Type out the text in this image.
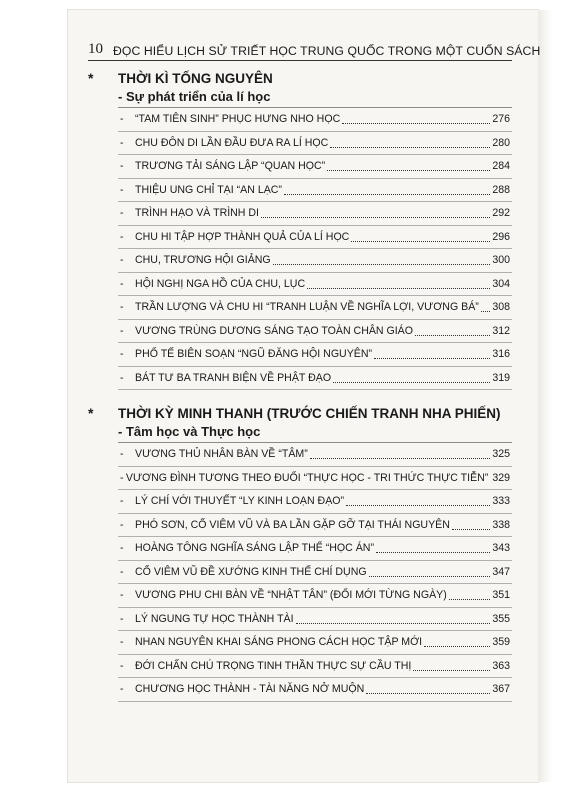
10 ĐỌC HIỂU LỊCH SỬ TRIẾT HỌC TRUNG QUỐC TRONG MỘT CUỐN SÁCH
*	THỜI KÌ TỐNG NGUYÊN
- Sự phát triển của lí học
-	“TAM TIÊN SINH” PHỤC HƯNG NHO HỌC	276
-	CHU ĐÔN DI LẦN ĐẦU ĐƯA RA LÍ HỌC	280
-	TRƯƠNG TẢI SÁNG LẬP “QUAN HỌC”	284
-	THIỆU UNG CHỈ TẠI “AN LẠC”	288
-	TRÌNH HẠO VÀ TRÌNH DI	292
-	CHU HI TẬP HỢP THÀNH QUẢ CỦA LÍ HỌC	296
-	CHU, TRƯƠNG HỘI GIẢNG	300
-	HỘI NGHỊ NGA HỒ CỦA CHU, LỤC	304
-	TRẦN LƯỢNG VÀ CHU HI “TRANH LUẬN VỀ NGHĨA LỢI, VƯƠNG BÁ” 308
-	VƯƠNG TRÙNG DƯƠNG SÁNG TẠO TOÀN CHÂN GIÁO	312
-	PHỔ TẾ BIÊN SOẠN “NGŨ ĐĂNG HỘI NGUYÊN”	316
-	BÁT TƯ BA TRANH BIỆN VỀ PHẬT ĐẠO	319
*	THỜI KỲ MINH THANH (TRƯỚC CHIẾN TRANH NHA PHIẾN)
- Tâm học và Thực học
-	VƯƠNG THỦ NHÂN BÀN VỀ “TÂM”	325
- VƯƠNG ĐÌNH TƯƠNG THEO ĐUỔI “THỰC HỌC - TRI THỨC THỰC TIỄN” 329
-	LÝ CHÍ VỚI THUYẾT “LY KINH LOẠN ĐẠO”	333
-	PHÓ SƠN, CỐ VIÊM VŨ VÀ BA LẦN GẶP GỠ TẠI THÁI NGUYÊN	338
-	HOÀNG TÔNG NGHĨA SÁNG LẬP THỂ “HỌC ÁN”	343
-	CỐ VIÊM VŨ ĐỀ XƯỚNG KINH THẾ CHÍ DỤNG	347
-	VƯƠNG PHU CHI BÀN VỀ “NHẬT TÂN” (ĐỔI MỚI TỪNG NGÀY)	351
-	LÝ NGUNG TỰ HỌC THÀNH TÀI	355
-	NHAN NGUYÊN KHAI SÁNG PHONG CÁCH HỌC TẬP MỚI	359
-	ĐỚI CHẤN CHÚ TRỌNG TINH THẦN THỰC SỰ CẦU THỊ	363
-	CHƯƠNG HỌC THÀNH - TÀI NĂNG NỞ MUỘN	367
